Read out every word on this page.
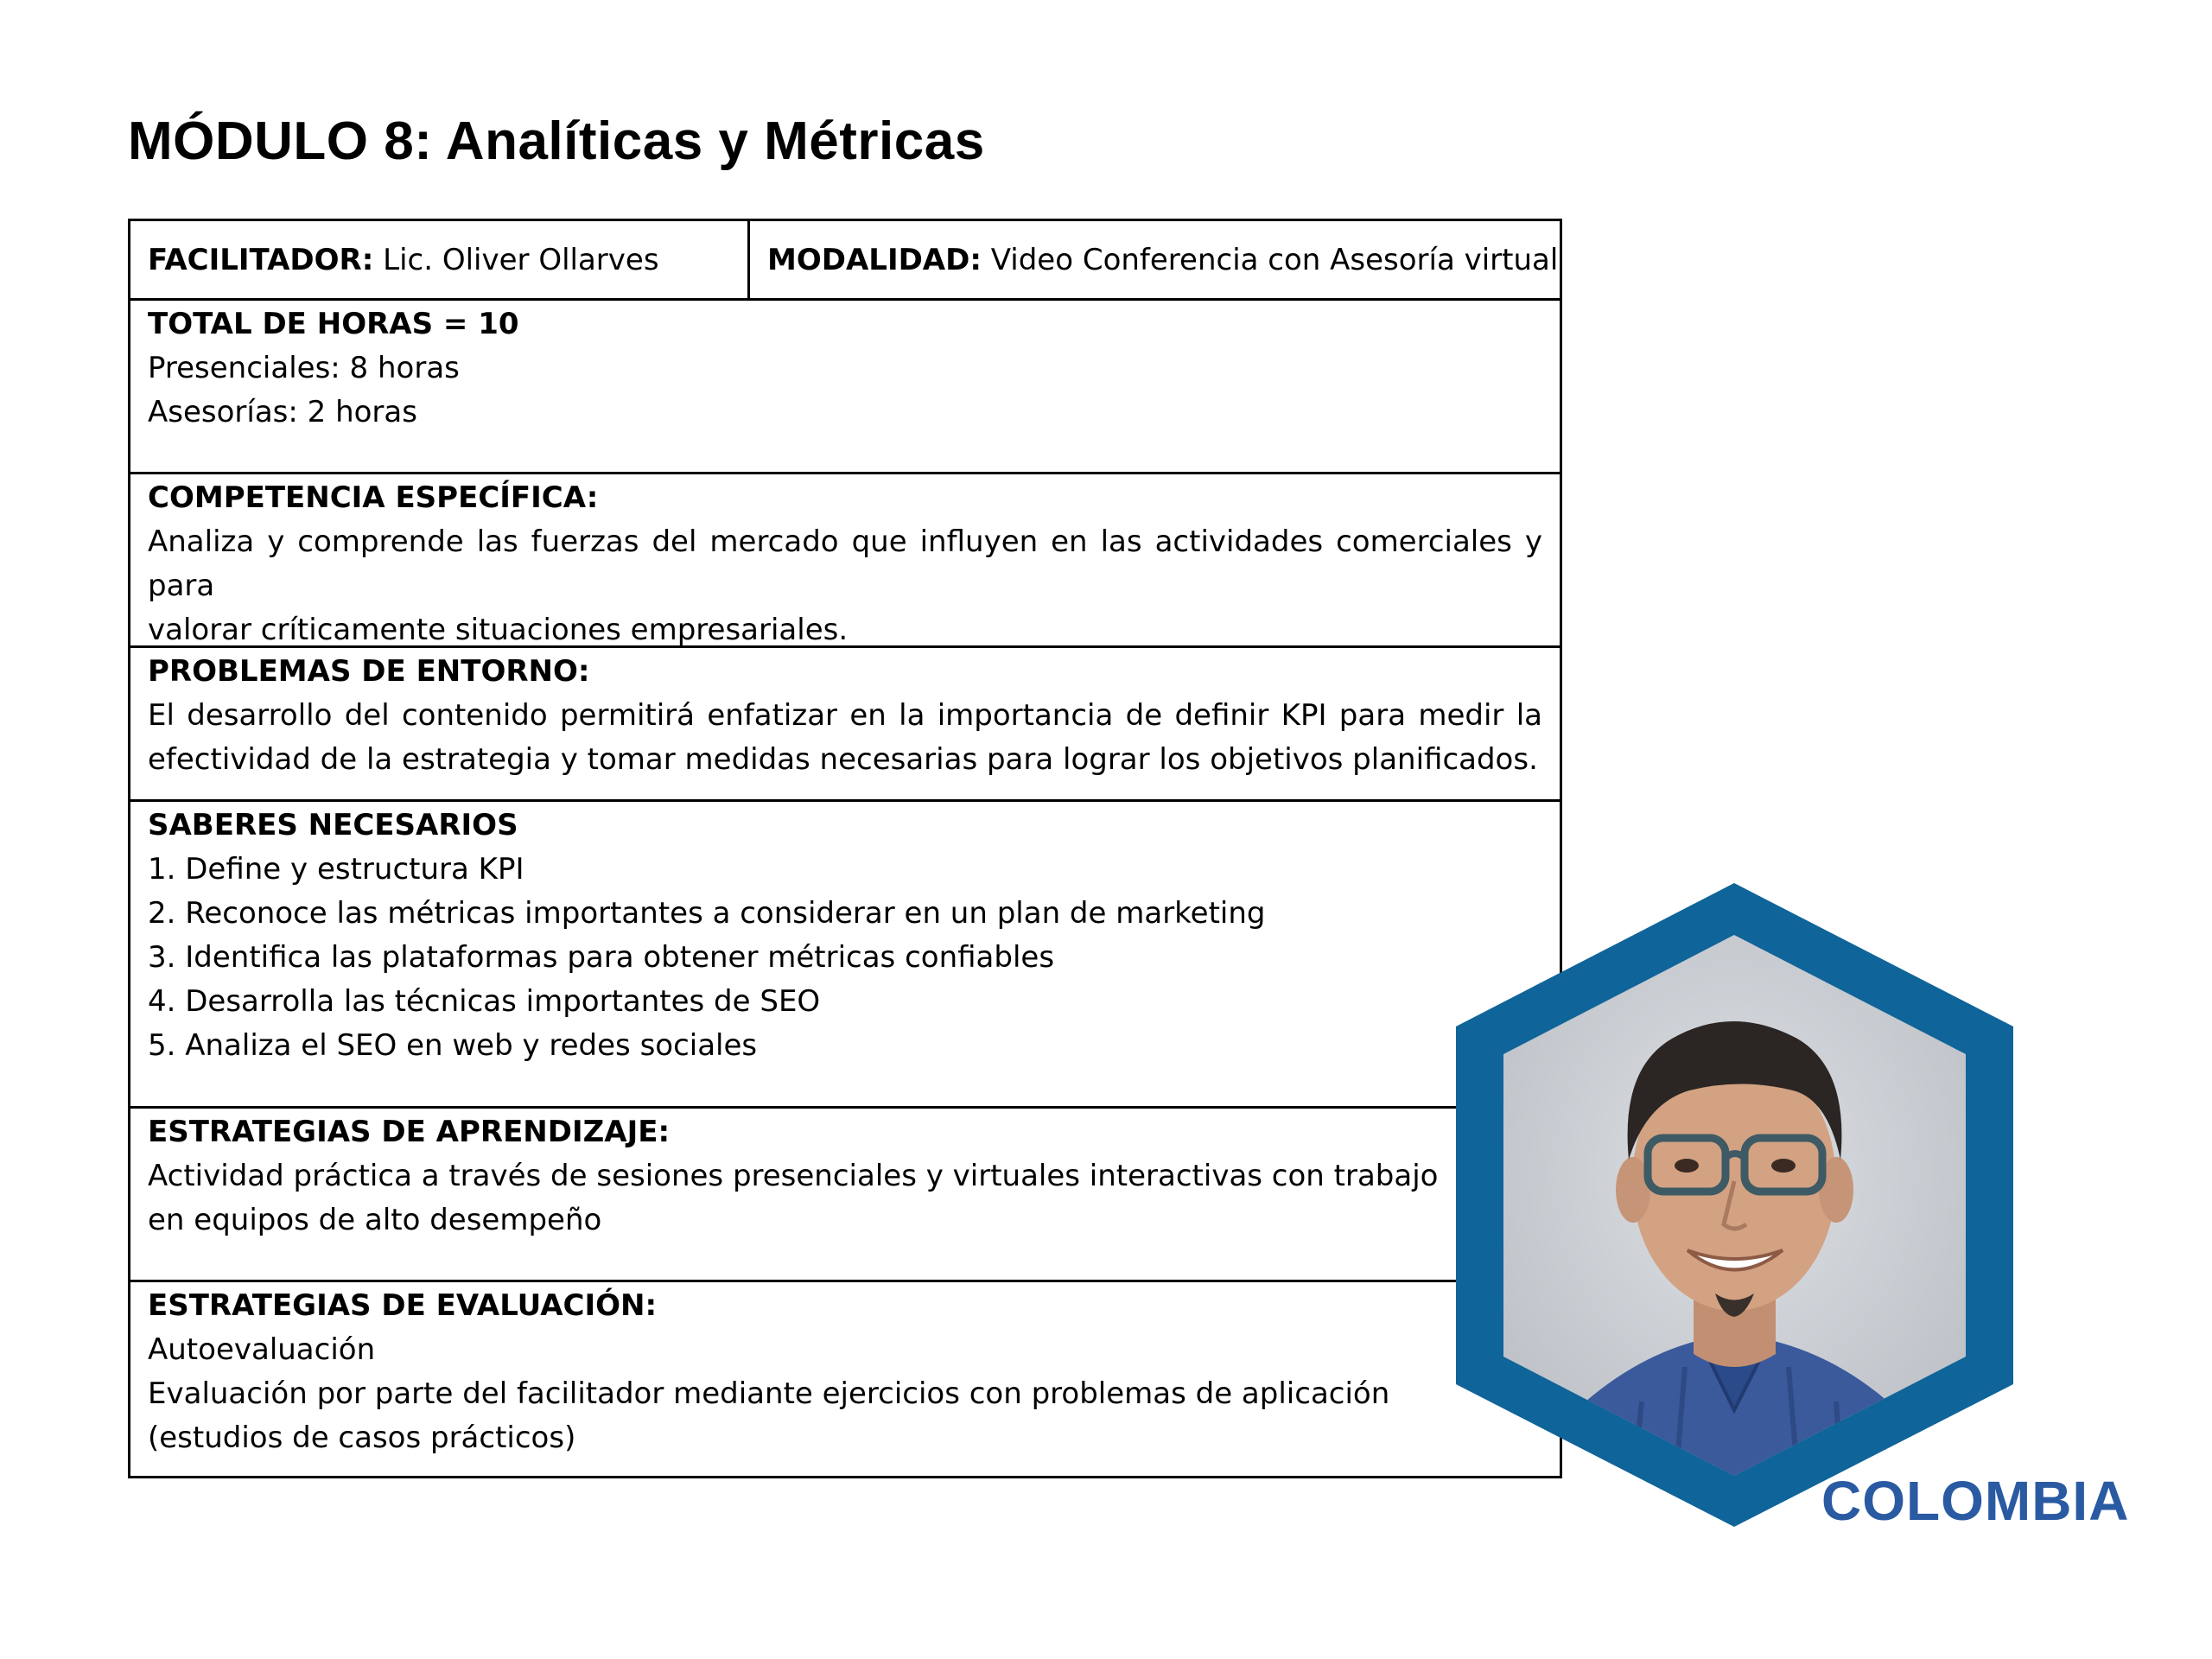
MÓDULO 8: Analíticas y Métricas
FACILITADOR: Lic. Oliver Ollarves	MODALIDAD: Video Conferencia con Asesoría virtual
TOTAL DE HORAS = 10
Presenciales: 8 horas
Asesorías: 2 horas
COMPETENCIA ESPECÍFICA:
Analiza y comprende las fuerzas del mercado que influyen en las actividades comerciales y para
valorar críticamente situaciones empresariales.
PROBLEMAS DE ENTORNO:
El desarrollo del contenido permitirá enfatizar en la importancia de definir KPI para medir la
efectividad de la estrategia y tomar medidas necesarias para lograr los objetivos planificados.
SABERES NECESARIOS
1. Define y estructura KPI
2. Reconoce las métricas importantes a considerar en un plan de marketing
3. Identifica las plataformas para obtener métricas confiables
4. Desarrolla las técnicas importantes de SEO
5. Analiza el SEO en web y redes sociales
ESTRATEGIAS DE APRENDIZAJE:
Actividad práctica a través de sesiones presenciales y virtuales interactivas con trabajo
en equipos de alto desempeño
ESTRATEGIAS DE EVALUACIÓN:
Autoevaluación
Evaluación por parte del facilitador mediante ejercicios con problemas de aplicación
(estudios de casos prácticos)
COLOMBIA
